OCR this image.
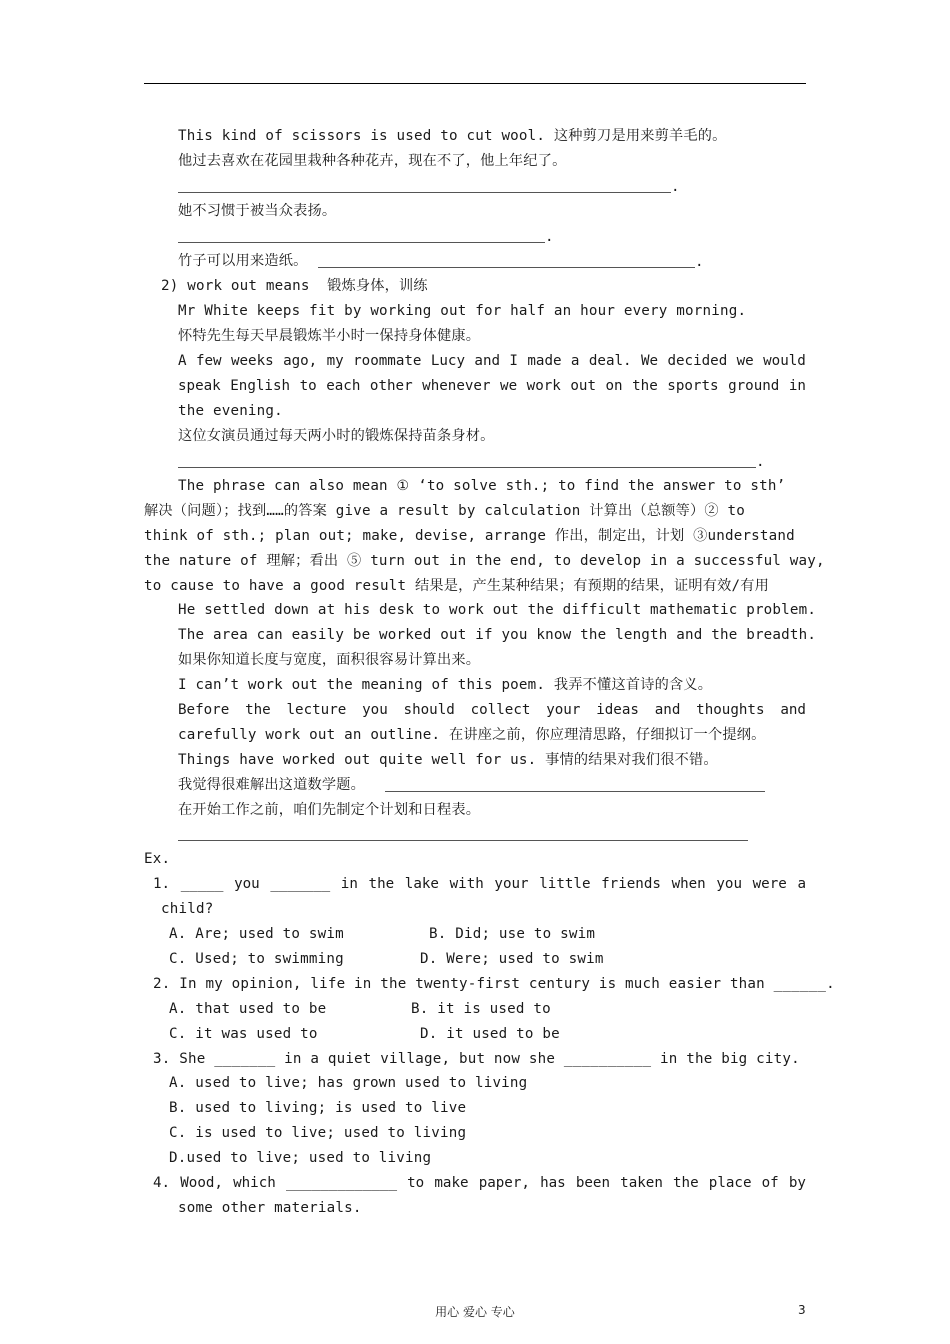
This kind of scissors is used to cut wool. 这种剪刀是用来剪羊毛的。
他过去喜欢在花园里栽种各种花卉，现在不了，他上年纪了。
.
她不习惯于被当众表扬。
.
竹子可以用来造纸。	.
2) work out means  锻炼身体，训练
Mr White keeps fit by working out for half an hour every morning.
怀特先生每天早晨锻炼半小时一保持身体健康。
A few weeks ago, my roommate Lucy and I made a deal. We decided we would
speak English to each other whenever we work out on the sports ground in
the evening.
这位女演员通过每天两小时的锻炼保持苗条身材。
.
The phrase can also mean ① ‘to solve sth.; to find the answer to sth’
解决（问题）；找到……的答案 give a result by calculation 计算出（总额等）② to
think of sth.; plan out; make, devise, arrange 作出，制定出，计划 ③understand
the nature of 理解；看出 ⑤ turn out in the end, to develop in a successful way,
to cause to have a good result 结果是，产生某种结果；有预期的结果，证明有效/有用
He settled down at his desk to work out the difficult mathematic problem.
The area can easily be worked out if you know the length and the breadth.
如果你知道长度与宽度，面积很容易计算出来。
I can’t work out the meaning of this poem. 我弄不懂这首诗的含义。
Before the lecture you should collect your ideas and thoughts and
carefully work out an outline. 在讲座之前，你应理清思路，仔细拟订一个提纲。
Things have worked out quite well for us. 事情的结果对我们很不错。
我觉得很难解出这道数学题。
在开始工作之前，咱们先制定个计划和日程表。
Ex.
1. _____ you _______ in the lake with your little friends when you were a
child?
A. Are; used to swim	B. Did; use to swim
C. Used; to swimming	D. Were; used to swim
2. In my opinion, life in the twenty-first century is much easier than ______.
A. that used to be	B. it is used to
C. it was used to	D. it used to be
3. She _______ in a quiet village, but now she __________ in the big city.
A. used to live; has grown used to living
B. used to living; is used to live
C. is used to live; used to living
D.used to live; used to living
4. Wood, which _____________ to make paper, has been taken the place of by
some other materials.
用心 爱心 专心	3
